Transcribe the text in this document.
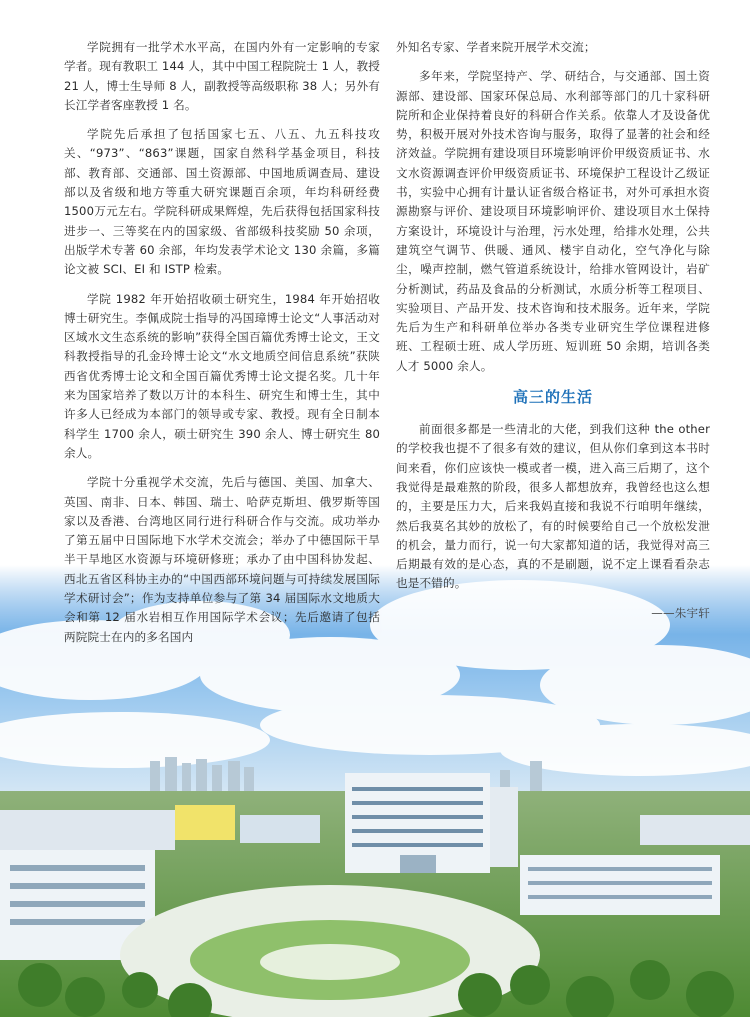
学院拥有一批学术水平高，在国内外有一定影响的专家学者。现有教职工 144 人，其中中国工程院院士 1 人，教授 21 人，博士生导师 8 人，副教授等高级职称 38 人；另外有长江学者客座教授 1 名。

学院先后承担了包括国家七五、八五、九五科技攻关、“973”、“863”课题，国家自然科学基金项目，科技部、教育部、交通部、国土资源部、中国地质调查局、建设部以及省级和地方等重大研究课题百余项，年均科研经费 1500万元左右。学院科研成果辉煌，先后获得包括国家科技进步一、三等奖在内的国家级、省部级科技奖励 50 余项，出版学术专著 60 余部，年均发表学术论文 130 余篇，多篇论文被 SCI、EI 和 ISTP 检索。

学院 1982 年开始招收硕士研究生，1984 年开始招收博士研究生。李佩成院士指导的冯国璋博士论文“人事活动对区域水文生态系统的影响”获得全国百篇优秀博士论文，王文科教授指导的孔金玲博士论文“水文地质空间信息系统”获陕西省优秀博士论文和全国百篇优秀博士论文提名奖。几十年来为国家培养了数以万计的本科生、研究生和博士生，其中许多人已经成为本部门的领导或专家、教授。现有全日制本科学生 1700 余人，硕士研究生 390 余人、博士研究生 80 余人。

学院十分重视学术交流，先后与德国、美国、加拿大、英国、南非、日本、韩国、瑞士、哈萨克斯坦、俄罗斯等国家以及香港、台湾地区同行进行科研合作与交流。成功举办了第五届中日国际地下水学术交流会；举办了中德国际干旱半干旱地区水资源与环境研修班；承办了由中国科协发起、西北五省区科协主办的“中国西部环境问题与可持续发展国际学术研讨会”；作为支持单位参与了第 34 届国际水文地质大会和第 12 届水岩相互作用国际学术会议；先后邀请了包括两院院士在内的多名国内

外知名专家、学者来院开展学术交流；

多年来，学院坚持产、学、研结合，与交通部、国土资源部、建设部、国家环保总局、水利部等部门的几十家科研院所和企业保持着良好的科研合作关系。依靠人才及设备优势，积极开展对外技术咨询与服务，取得了显著的社会和经济效益。学院拥有建设项目环境影响评价甲级资质证书、水文水资源调查评价甲级资质证书、环境保护工程设计乙级证书，实验中心拥有计量认证省级合格证书，对外可承担水资源勘察与评价、建设项目环境影响评价、建设项目水土保持方案设计，环境设计与治理，污水处理，给排水处理，公共建筑空气调节、供暖、通风、楼宇自动化，空气净化与除尘，噪声控制，燃气管道系统设计，给排水管网设计，岩矿分析测试，药品及食品的分析测试，水质分析等工程项目、实验项目、产品开发、技术咨询和技术服务。近年来，学院先后为生产和科研单位举办各类专业研究生学位课程进修班、工程硕士班、成人学历班、短训班 50 余期，培训各类人才 5000 余人。

高三的生活

前面很多都是一些清北的大佬，到我们这种 the other 的学校我也提不了很多有效的建议，但从你们拿到这本书时间来看，你们应该快一模或者一模，进入高三后期了，这个我觉得是最难熬的阶段，很多人都想放弃，我曾经也这么想的，主要是压力大，后来我妈直接和我说不行咱明年继续，然后我莫名其妙的放松了，有的时候要给自己一个放松发泄的机会，量力而行，说一句大家都知道的话，我觉得对高三后期最有效的是心态，真的不是刷题，说不定上课看看杂志也是不错的。

——朱宇轩
